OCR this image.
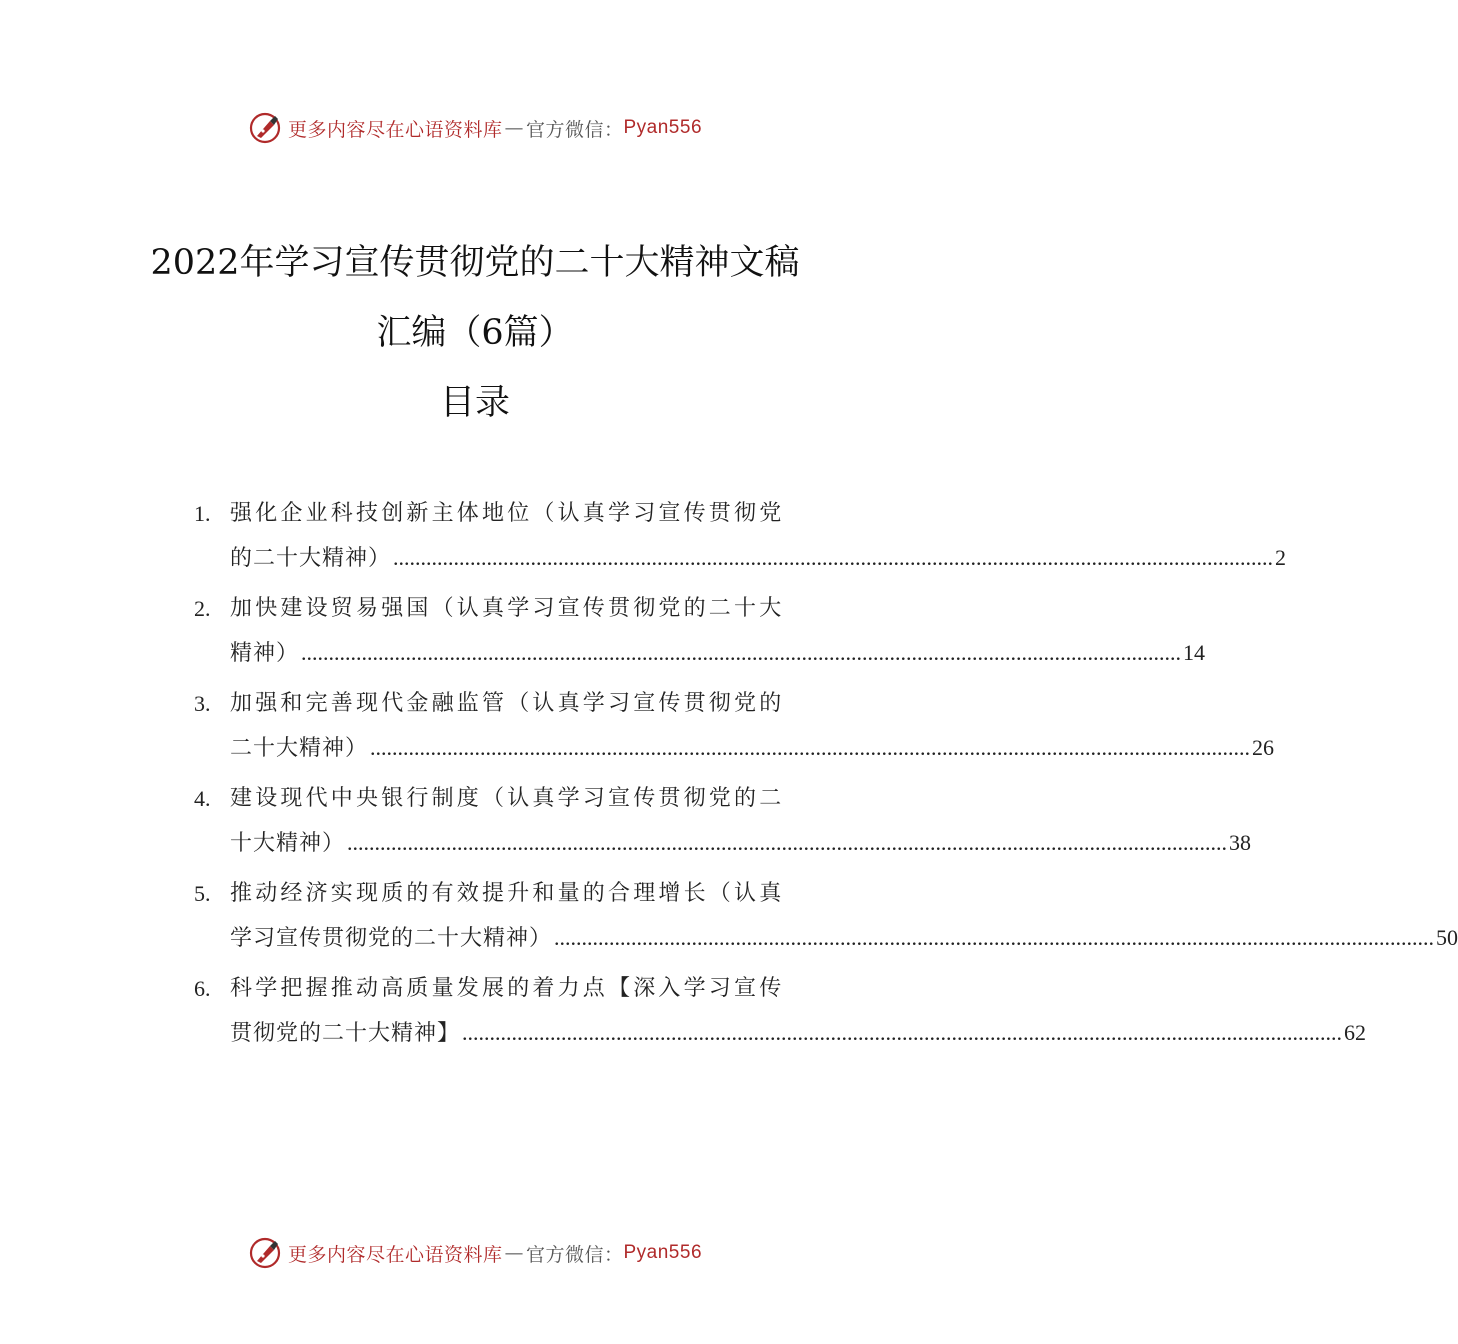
更多内容尽在心语资料库 — 官方微信： Pyan556
2022年学习宣传贯彻党的二十大精神文稿
汇编（6篇）
目录
1. 强化企业科技创新主体地位（认真学习宣传贯彻党
的二十大精神） ................................................................................................................................................................ 2
2. 加快建设贸易强国（认真学习宣传贯彻党的二十大
精神） ................................................................................................................................................................ 14
3. 加强和完善现代金融监管（认真学习宣传贯彻党的
二十大精神） ................................................................................................................................................................ 26
4. 建设现代中央银行制度（认真学习宣传贯彻党的二
十大精神） ................................................................................................................................................................ 38
5. 推动经济实现质的有效提升和量的合理增长（认真
学习宣传贯彻党的二十大精神） ................................................................................................................................................................ 50
6. 科学把握推动高质量发展的着力点【深入学习宣传
贯彻党的二十大精神】 ................................................................................................................................................................ 62
更多内容尽在心语资料库 — 官方微信： Pyan556
